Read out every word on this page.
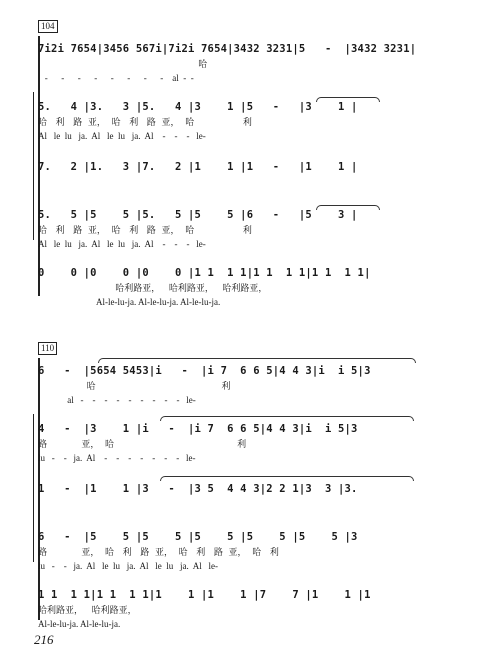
104
7i2i 7654|3456 567i|7i2i 7654|3432 3231|5   -  |3432 3231|
哈
-      -      -      -      -      -      -      -    al  -  -
5.   4 |3.   3 |5.   4 |3    1 |5   -   |3    1 |
哈   利   路  亚，  哈   利   路  亚，  哈                 利
Al   le  lu   ja.  Al   le  lu   ja.  Al    -    -    -   le-
7.   2 |1.   3 |7.   2 |1    1 |1   -   |1    1 |
5.   5 |5    5 |5.   5 |5    5 |6   -   |5    3 |
哈   利   路  亚，  哈   利   路  亚，  哈                 利
Al   le  lu   ja.  Al   le  lu   ja.  Al    -    -    -   le-
0    0 |0    0 |0    0 |1 1  1 1|1 1  1 1|1 1  1 1|
哈利路亚，   哈利路亚，   哈利路亚，
Al-le-lu-ja. Al-le-lu-ja. Al-le-lu-ja.
110
6   -  |5654 5453|i   -  |i 7  6 6 5|4 4 3|i  i 5|3
哈                                            利
al   -    -    -    -    -    -    -    -    -   le-
4   -  |3    1 |i   -  |i 7  6 6 5|4 4 3|i  i 5|3
路            亚，  哈                                           利
lu   -    -   ja.  Al    -    -    -    -    -    -    -   le-
1   -  |1    1 |3   -  |3 5  4 4 3|2 2 1|3  3 |3.
6   -  |5    5 |5    5 |5    5 |5    5 |5    5 |3
路            亚，  哈   利   路  亚，  哈   利   路  亚，  哈   利
lu   -    -   ja.  Al   le  lu   ja.  Al   le  lu   ja.  Al   le-
1 1  1 1|1 1  1 1|1    1 |1    1 |7    7 |1    1 |1
哈利路亚，   哈利路亚，
Al-le-lu-ja. Al-le-lu-ja.
216
